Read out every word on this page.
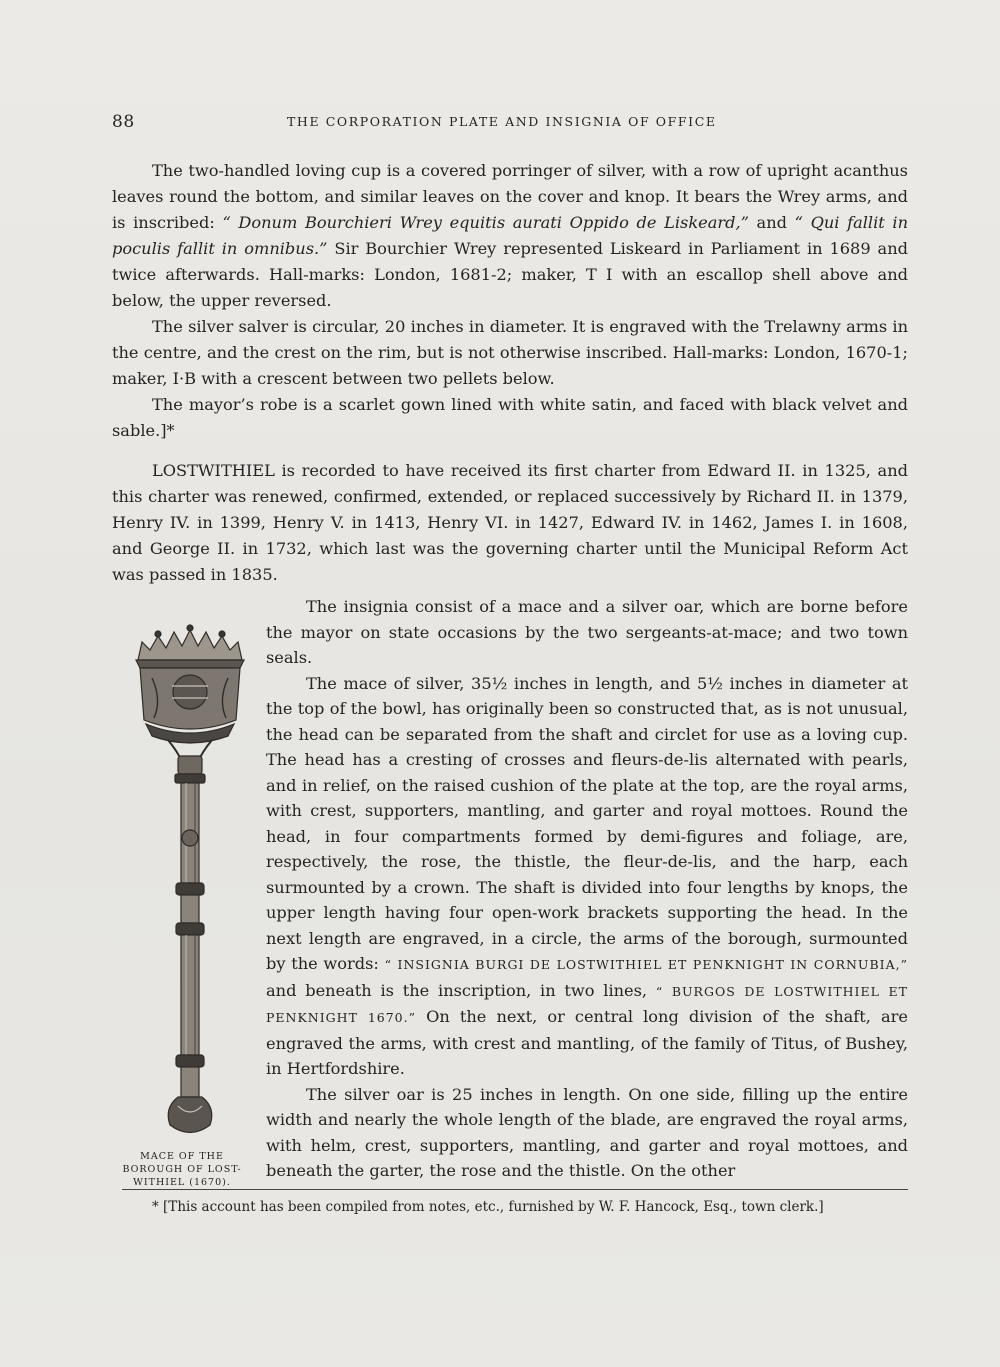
88	THE CORPORATION PLATE AND INSIGNIA OF OFFICE

The two-handled loving cup is a covered porringer of silver, with a row of upright acanthus leaves round the bottom, and similar leaves on the cover and knop. It bears the Wrey arms, and is inscribed: “ Donum Bourchieri Wrey equitis aurati Oppido de Liskeard,” and “ Qui fallit in poculis fallit in omnibus.” Sir Bourchier Wrey represented Liskeard in Parliament in 1689 and twice afterwards. Hall-marks: London, 1681-2; maker, T I with an escallop shell above and below, the upper reversed.

The silver salver is circular, 20 inches in diameter. It is engraved with the Trelawny arms in the centre, and the crest on the rim, but is not otherwise inscribed. Hall-marks: London, 1670-1; maker, I·B with a crescent between two pellets below.

The mayor’s robe is a scarlet gown lined with white satin, and faced with black velvet and sable.]*

LOSTWITHIEL is recorded to have received its first charter from Edward II. in 1325, and this charter was renewed, confirmed, extended, or replaced successively by Richard II. in 1379, Henry IV. in 1399, Henry V. in 1413, Henry VI. in 1427, Edward IV. in 1462, James I. in 1608, and George II. in 1732, which last was the governing charter until the Municipal Reform Act was passed in 1835.

MACE OF THE
BOROUGH OF LOST-
WITHIEL (1670).

The insignia consist of a mace and a silver oar, which are borne before the mayor on state occasions by the two sergeants-at-mace; and two town seals.

The mace of silver, 35½ inches in length, and 5½ inches in diameter at the top of the bowl, has originally been so constructed that, as is not unusual, the head can be separated from the shaft and circlet for use as a loving cup. The head has a cresting of crosses and fleurs-de-lis alternated with pearls, and in relief, on the raised cushion of the plate at the top, are the royal arms, with crest, supporters, mantling, and garter and royal mottoes. Round the head, in four compartments formed by demi-figures and foliage, are, respectively, the rose, the thistle, the fleur-de-lis, and the harp, each surmounted by a crown. The shaft is divided into four lengths by knops, the upper length having four open-work brackets supporting the head. In the next length are engraved, in a circle, the arms of the borough, surmounted by the words: “ INSIGNIA BURGI DE LOSTWITHIEL ET PENKNIGHT IN CORNUBIA,” and beneath is the inscription, in two lines, “ BURGOS DE LOSTWITHIEL ET PENKNIGHT 1670.” On the next, or central long division of the shaft, are engraved the arms, with crest and mantling, of the family of Titus, of Bushey, in Hertfordshire.

The silver oar is 25 inches in length. On one side, filling up the entire width and nearly the whole length of the blade, are engraved the royal arms, with helm, crest, supporters, mantling, and garter and royal mottoes, and beneath the garter, the rose and the thistle. On the other

* [This account has been compiled from notes, etc., furnished by W. F. Hancock, Esq., town clerk.]
